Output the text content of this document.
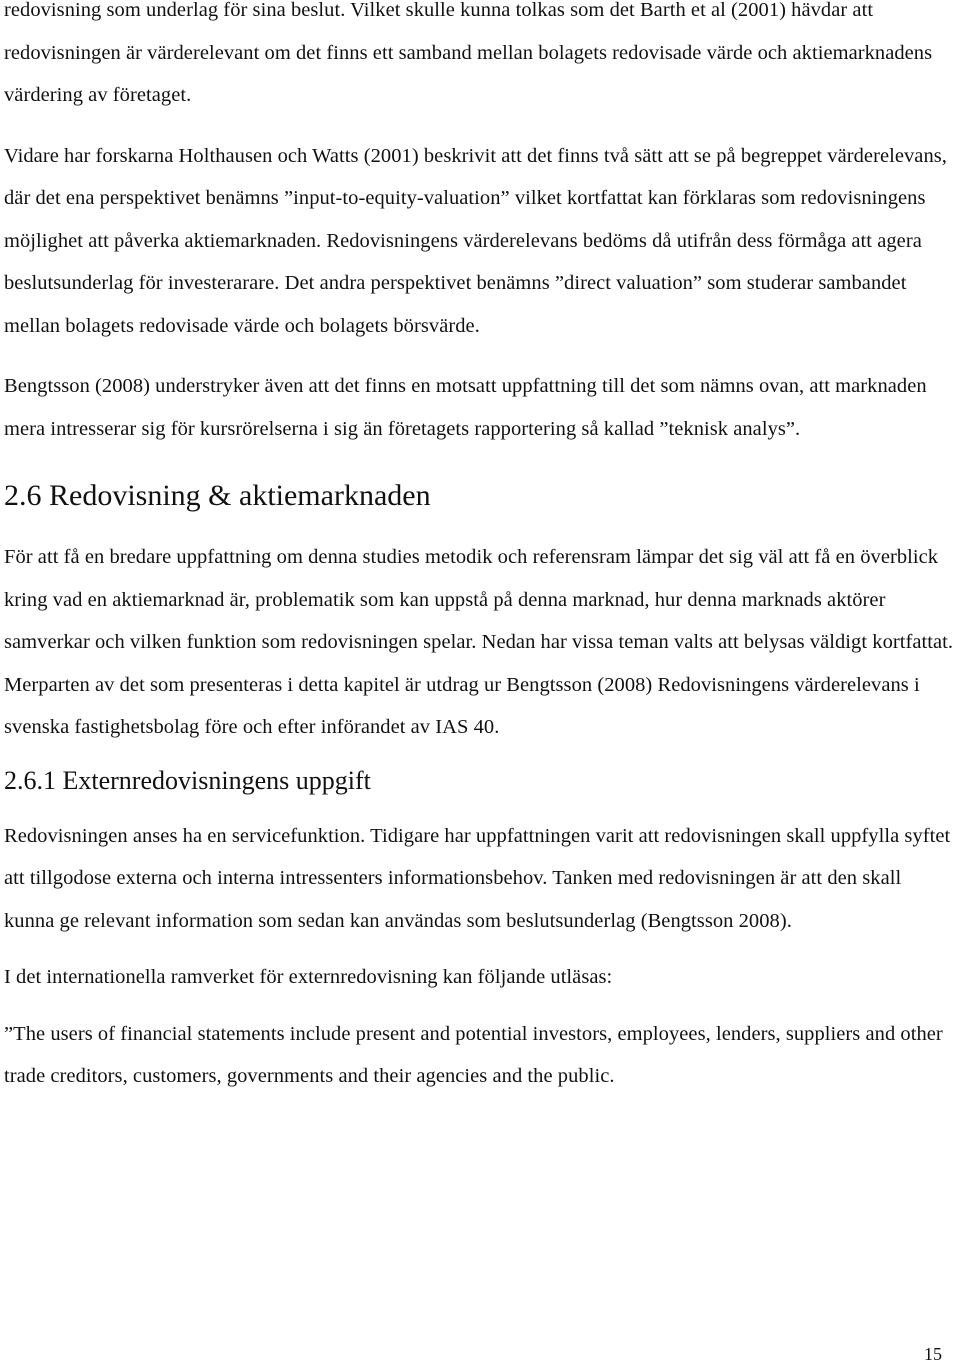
redovisning som underlag för sina beslut. Vilket skulle kunna tolkas som det Barth et al (2001) hävdar att redovisningen är värderelevant om det finns ett samband mellan bolagets redovisade värde och aktiemarknadens värdering av företaget.

Vidare har forskarna Holthausen och Watts (2001) beskrivit att det finns två sätt att se på begreppet värderelevans, där det ena perspektivet benämns ”input-to-equity-valuation” vilket kortfattat kan förklaras som redovisningens möjlighet att påverka aktiemarknaden. Redovisningens värderelevans bedöms då utifrån dess förmåga att agera beslutsunderlag för investerarare. Det andra perspektivet benämns ”direct valuation” som studerar sambandet mellan bolagets redovisade värde och bolagets börsvärde.

Bengtsson (2008) understryker även att det finns en motsatt uppfattning till det som nämns ovan, att marknaden mera intresserar sig för kursrörelserna i sig än företagets rapportering så kallad ”teknisk analys”.

2.6 Redovisning & aktiemarknaden

För att få en bredare uppfattning om denna studies metodik och referensram lämpar det sig väl att få en överblick kring vad en aktiemarknad är, problematik som kan uppstå på denna marknad, hur denna marknads aktörer samverkar och vilken funktion som redovisningen spelar. Nedan har vissa teman valts att belysas väldigt kortfattat. Merparten av det som presenteras i detta kapitel är utdrag ur Bengtsson (2008) Redovisningens värderelevans i svenska fastighetsbolag före och efter införandet av IAS 40.

2.6.1 Externredovisningens uppgift

Redovisningen anses ha en servicefunktion. Tidigare har uppfattningen varit att redovisningen skall uppfylla syftet att tillgodose externa och interna intressenters informationsbehov. Tanken med redovisningen är att den skall kunna ge relevant information som sedan kan användas som beslutsunderlag (Bengtsson 2008).

I det internationella ramverket för externredovisning kan följande utläsas:

”The users of financial statements include present and potential investors, employees, lenders, suppliers and other trade creditors, customers, governments and their agencies and the public.

15
